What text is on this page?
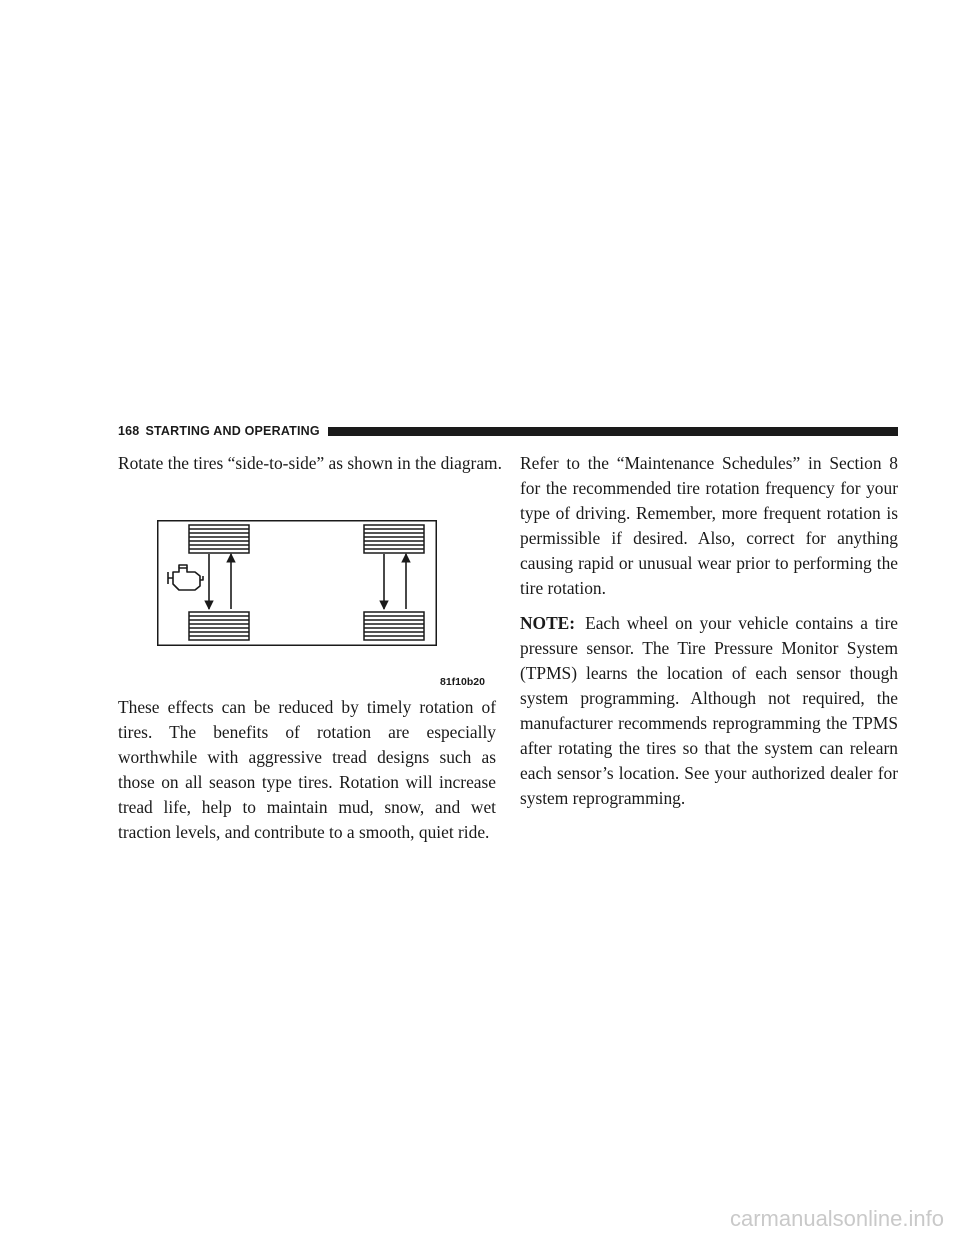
168 STARTING AND OPERATING

Rotate the tires “side-to-side” as shown in the diagram.

These effects can be reduced by timely rotation of tires. The benefits of rotation are especially worthwhile with aggressive tread designs such as those on all season type tires. Rotation will increase tread life, help to maintain mud, snow, and wet traction levels, and contribute to a smooth, quiet ride.

81f10b20

Refer to the “Maintenance Schedules” in Section 8 for the recommended tire rotation frequency for your type of driving. Remember, more frequent rotation is permissible if desired. Also, correct for anything causing rapid or unusual wear prior to performing the tire rotation.

NOTE: Each wheel on your vehicle contains a tire pressure sensor. The Tire Pressure Monitor System (TPMS) learns the location of each sensor though system programming. Although not required, the manufacturer recommends reprogramming the TPMS after rotating the tires so that the system can relearn each sensor’s location. See your authorized dealer for system reprogramming.

carmanualsonline.info
